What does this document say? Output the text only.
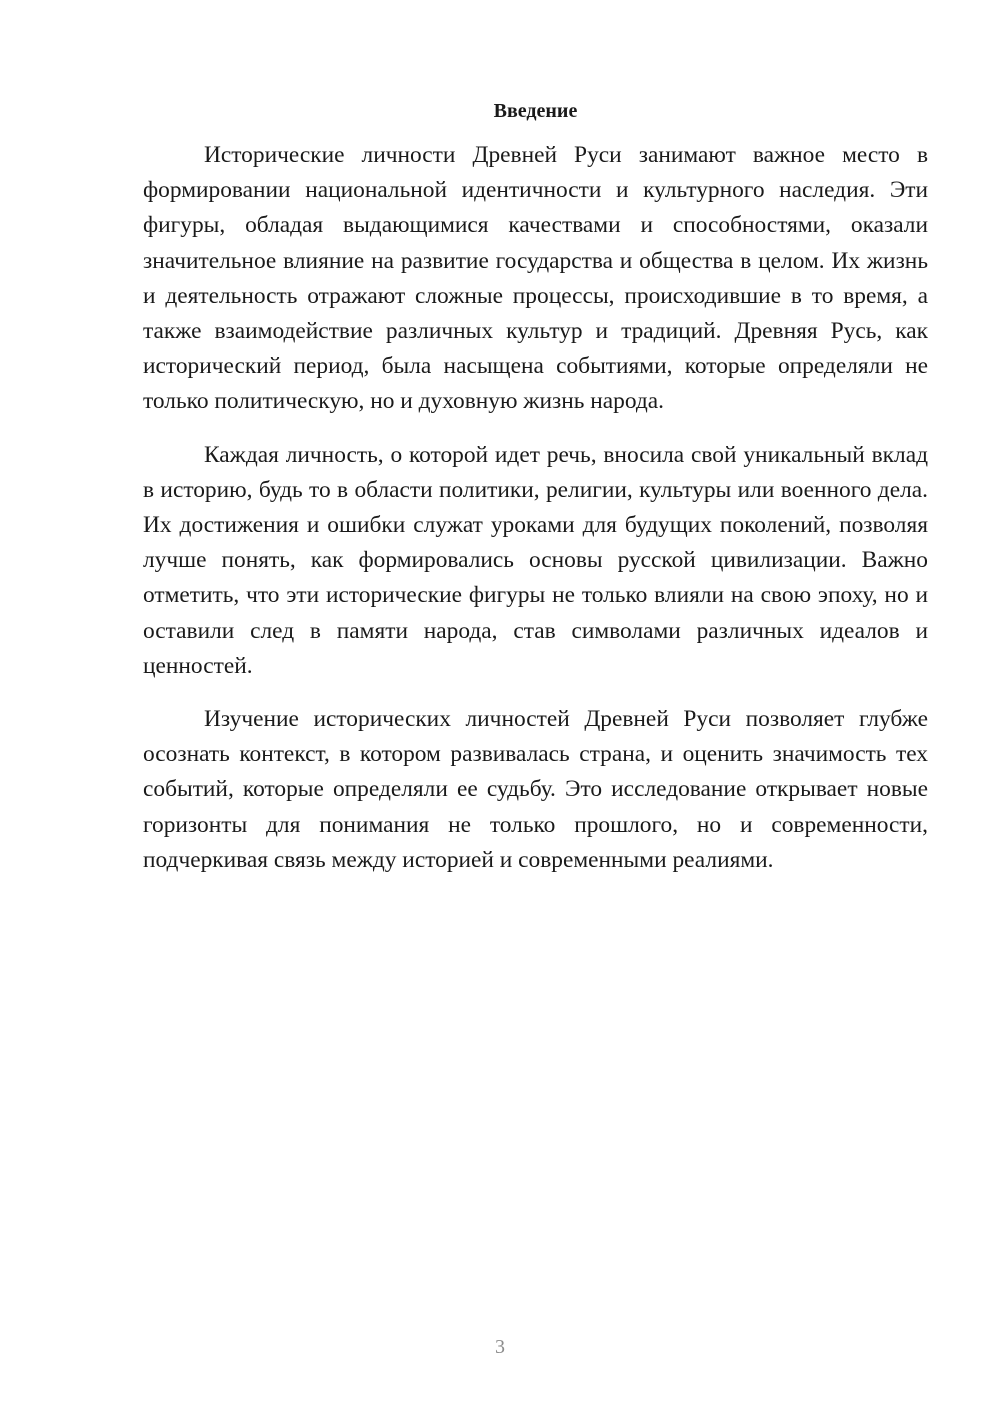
Введение

Исторические личности Древней Руси занимают важное место в формировании национальной идентичности и культурного наследия. Эти фигуры, обладая выдающимися качествами и способностями, оказали значительное влияние на развитие государства и общества в целом. Их жизнь и деятельность отражают сложные процессы, происходившие в то время, а также взаимодействие различных культур и традиций. Древняя Русь, как исторический период, была насыщена событиями, которые определяли не только политическую, но и духовную жизнь народа.

Каждая личность, о которой идет речь, вносила свой уникальный вклад в историю, будь то в области политики, религии, культуры или военного дела. Их достижения и ошибки служат уроками для будущих поколений, позволяя лучше понять, как формировались основы русской цивилизации. Важно отметить, что эти исторические фигуры не только влияли на свою эпоху, но и оставили след в памяти народа, став символами различных идеалов и ценностей.

Изучение исторических личностей Древней Руси позволяет глубже осознать контекст, в котором развивалась страна, и оценить значимость тех событий, которые определяли ее судьбу. Это исследование открывает новые горизонты для понимания не только прошлого, но и современности, подчеркивая связь между историей и современными реалиями.

3
